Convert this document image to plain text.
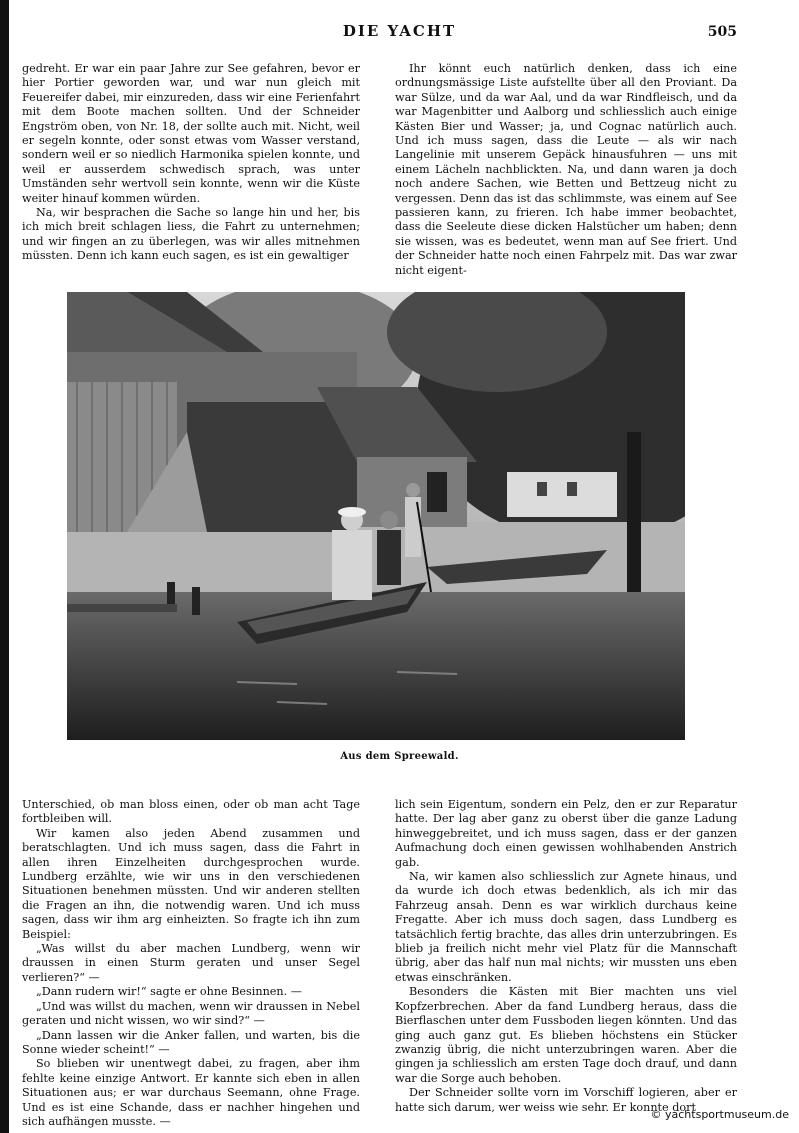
DIE YACHT	505

gedreht. Er war ein paar Jahre zur See gefahren, bevor er hier Portier geworden war, und war nun gleich mit Feuereifer dabei, mir einzureden, dass wir eine Ferienfahrt mit dem Boote machen sollten. Und der Schneider Engström oben, von Nr. 18, der sollte auch mit. Nicht, weil er segeln konnte, oder sonst etwas vom Wasser verstand, sondern weil er so niedlich Harmonika spielen konnte, und weil er ausserdem schwedisch sprach, was unter Umständen sehr wertvoll sein konnte, wenn wir die Küste weiter hinauf kommen würden.

Na, wir besprachen die Sache so lange hin und her, bis ich mich breit schlagen liess, die Fahrt zu unternehmen; und wir fingen an zu überlegen, was wir alles mitnehmen müssten. Denn ich kann euch sagen, es ist ein gewaltiger

Ihr könnt euch natürlich denken, dass ich eine ordnungsmässige Liste aufstellte über all den Proviant. Da war Sülze, und da war Aal, und da war Rindfleisch, und da war Magenbitter und Aalborg und schliesslich auch einige Kästen Bier und Wasser; ja, und Cognac natürlich auch. Und ich muss sagen, dass die Leute — als wir nach Langelinie mit unserem Gepäck hinausfuhren — uns mit einem Lächeln nachblickten. Na, und dann waren ja doch noch andere Sachen, wie Betten und Bettzeug nicht zu vergessen. Denn das ist das schlimmste, was einem auf See passieren kann, zu frieren. Ich habe immer beobachtet, dass die Seeleute diese dicken Halstücher um haben; denn sie wissen, was es bedeutet, wenn man auf See friert. Und der Schneider hatte noch einen Fahrpelz mit. Das war zwar nicht eigent-

Aus dem Spreewald.

Unterschied, ob man bloss einen, oder ob man acht Tage fortbleiben will.

Wir kamen also jeden Abend zusammen und beratschlagten. Und ich muss sagen, dass die Fahrt in allen ihren Einzelheiten durchgesprochen wurde. Lundberg erzählte, wie wir uns in den verschiedenen Situationen benehmen müssten. Und wir anderen stellten die Fragen an ihn, die notwendig waren. Und ich muss sagen, dass wir ihm arg einheizten. So fragte ich ihn zum Beispiel:

„Was willst du aber machen Lundberg, wenn wir draussen in einen Sturm geraten und unser Segel verlieren?“ —

„Dann rudern wir!“ sagte er ohne Besinnen. —

„Und was willst du machen, wenn wir draussen in Nebel geraten und nicht wissen, wo wir sind?“ —

„Dann lassen wir die Anker fallen, und warten, bis die Sonne wieder scheint!“ —

So blieben wir unentwegt dabei, zu fragen, aber ihm fehlte keine einzige Antwort. Er kannte sich eben in allen Situationen aus; er war durchaus Seemann, ohne Frage. Und es ist eine Schande, dass er nachher hingehen und sich aufhängen musste. —

lich sein Eigentum, sondern ein Pelz, den er zur Reparatur hatte. Der lag aber ganz zu oberst über die ganze Ladung hinweggebreitet, und ich muss sagen, dass er der ganzen Aufmachung doch einen gewissen wohlhabenden Anstrich gab.

Na, wir kamen also schliesslich zur Agnete hinaus, und da wurde ich doch etwas bedenklich, als ich mir das Fahrzeug ansah. Denn es war wirklich durchaus keine Fregatte. Aber ich muss doch sagen, dass Lundberg es tatsächlich fertig brachte, das alles drin unterzubringen. Es blieb ja freilich nicht mehr viel Platz für die Mannschaft übrig, aber das half nun mal nichts; wir mussten uns eben etwas einschränken.

Besonders die Kästen mit Bier machten uns viel Kopfzerbrechen. Aber da fand Lundberg heraus, dass die Bierflaschen unter dem Fussboden liegen könnten. Und das ging auch ganz gut. Es blieben höchstens ein Stücker zwanzig übrig, die nicht unterzubringen waren. Aber die gingen ja schliesslich am ersten Tage doch drauf, und dann war die Sorge auch behoben.

Der Schneider sollte vorn im Vorschiff logieren, aber er hatte sich darum, wer weiss wie sehr. Er konnte dort

© yachtsportmuseum.de
